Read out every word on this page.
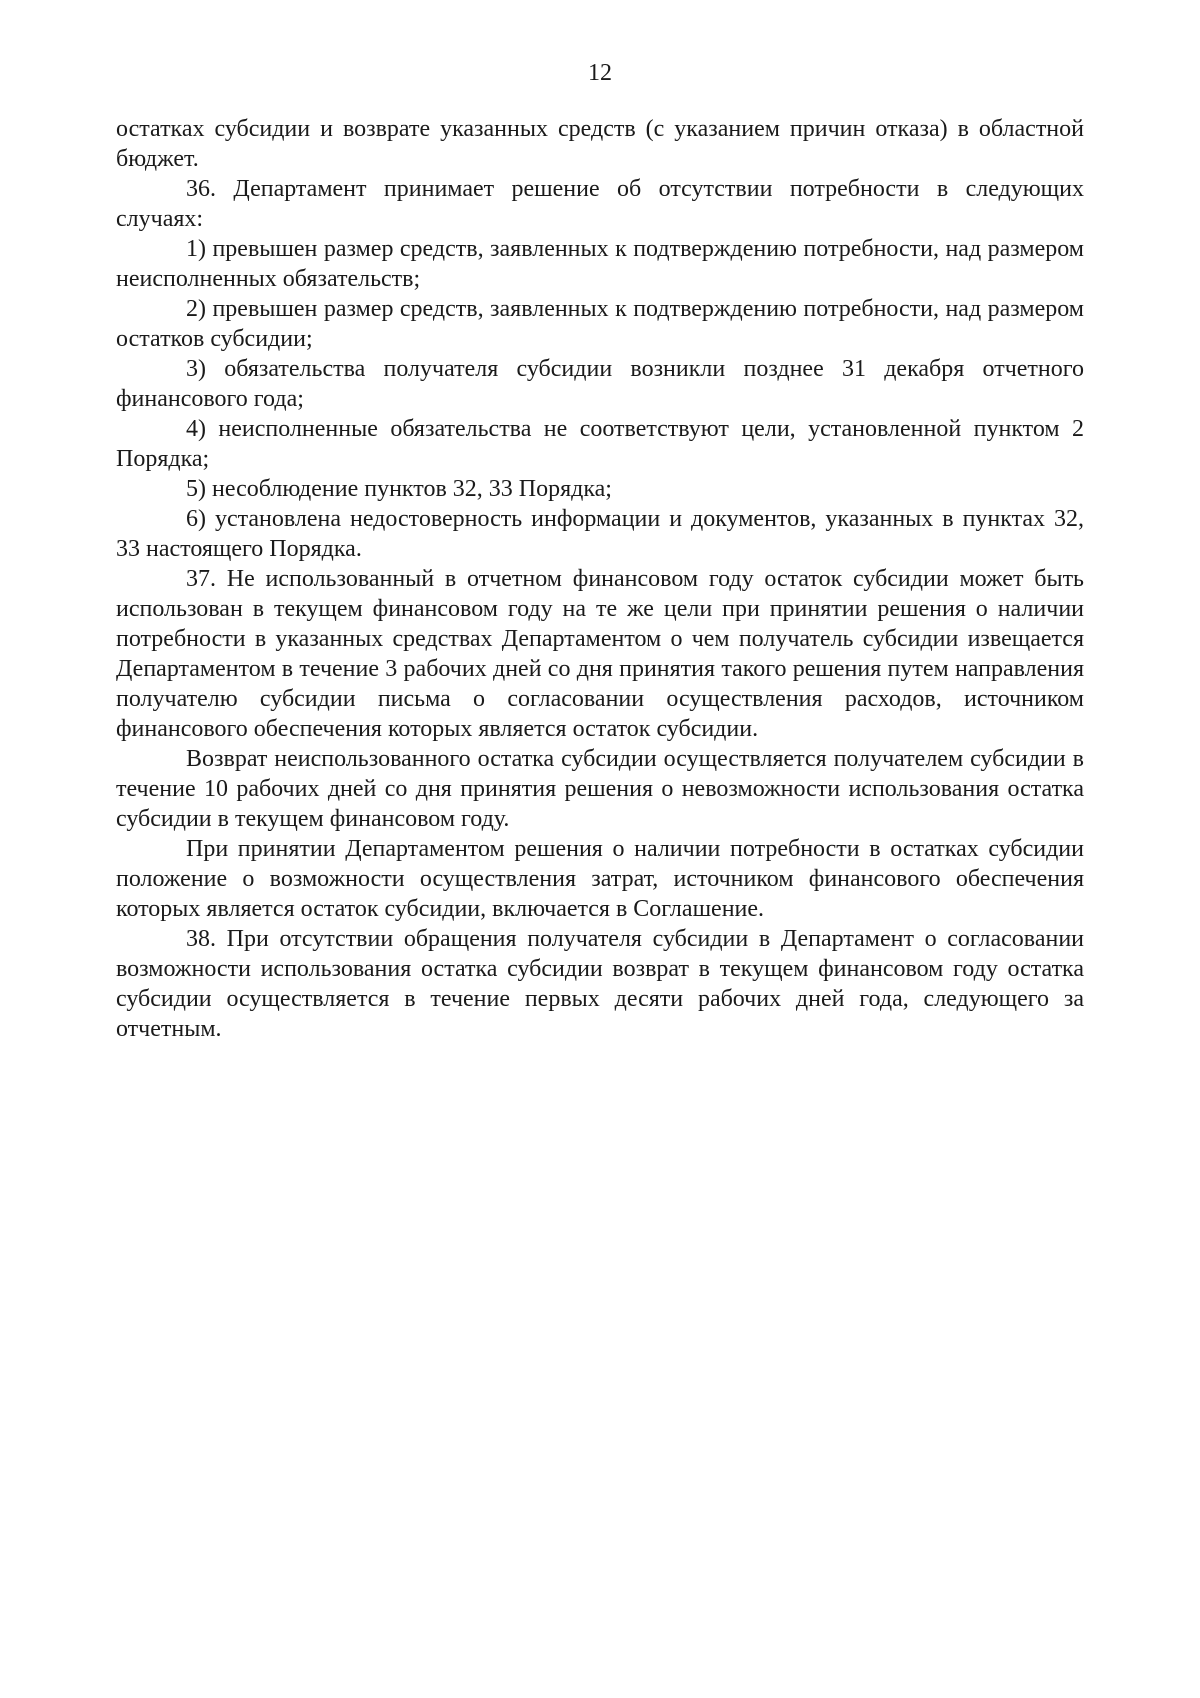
12

остатках субсидии и возврате указанных средств (с указанием причин отказа) в областной бюджет.

36. Департамент принимает решение об отсутствии потребности в следующих случаях:

1) превышен размер средств, заявленных к подтверждению потребности, над размером неисполненных обязательств;

2) превышен размер средств, заявленных к подтверждению потребности, над размером остатков субсидии;

3) обязательства получателя субсидии возникли позднее 31 декабря отчетного финансового года;

4) неисполненные обязательства не соответствуют цели, установленной пунктом 2 Порядка;

5) несоблюдение пунктов 32, 33 Порядка;

6) установлена недостоверность информации и документов, указанных в пунктах 32, 33 настоящего Порядка.

37. Не использованный в отчетном финансовом году остаток субсидии может быть использован в текущем финансовом году на те же цели при принятии решения о наличии потребности в указанных средствах Департаментом о чем получатель субсидии извещается Департаментом в течение 3 рабочих дней со дня принятия такого решения путем направления получателю субсидии письма о согласовании осуществления расходов, источником финансового обеспечения которых является остаток субсидии.

Возврат неиспользованного остатка субсидии осуществляется получателем субсидии в течение 10 рабочих дней со дня принятия решения о невозможности использования остатка субсидии в текущем финансовом году.

При принятии Департаментом решения о наличии потребности в остатках субсидии положение о возможности осуществления затрат, источником финансового обеспечения которых является остаток субсидии, включается в Соглашение.

38. При отсутствии обращения получателя субсидии в Департамент о согласовании возможности использования остатка субсидии возврат в текущем финансовом году остатка субсидии осуществляется в течение первых десяти рабочих дней года, следующего за отчетным.
